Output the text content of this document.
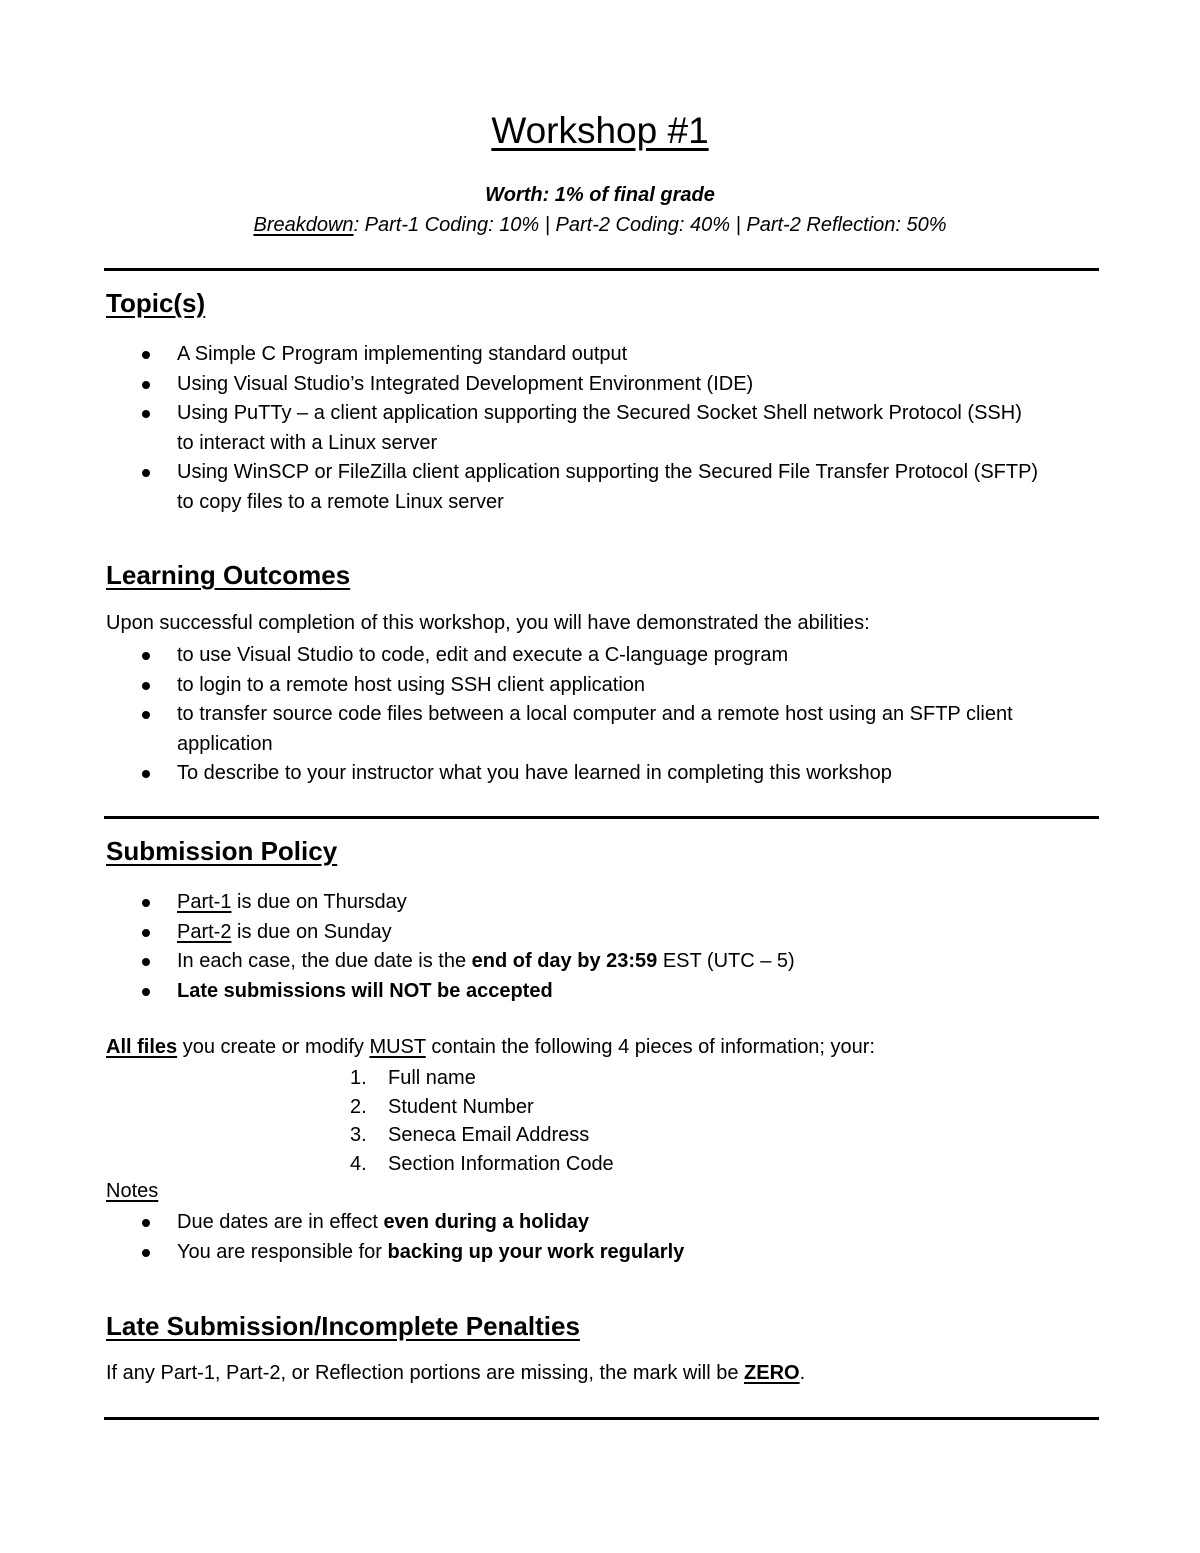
Workshop #1
Worth: 1% of final grade
Breakdown: Part-1 Coding: 10% | Part-2 Coding: 40% | Part-2 Reflection: 50%
Topic(s)
A Simple C Program implementing standard output
Using Visual Studio’s Integrated Development Environment (IDE)
Using PuTTy – a client application supporting the Secured Socket Shell network Protocol (SSH)
to interact with a Linux server
Using WinSCP or FileZilla client application supporting the Secured File Transfer Protocol (SFTP)
to copy files to a remote Linux server
Learning Outcomes
Upon successful completion of this workshop, you will have demonstrated the abilities:
to use Visual Studio to code, edit and execute a C-language program
to login to a remote host using SSH client application
to transfer source code files between a local computer and a remote host using an SFTP client
application
To describe to your instructor what you have learned in completing this workshop
Submission Policy
Part-1 is due on Thursday
Part-2 is due on Sunday
In each case, the due date is the end of day by 23:59 EST (UTC – 5)
Late submissions will NOT be accepted
All files you create or modify MUST contain the following 4 pieces of information; your:
1. Full name
2. Student Number
3. Seneca Email Address
4. Section Information Code
Notes
Due dates are in effect even during a holiday
You are responsible for backing up your work regularly
Late Submission/Incomplete Penalties
If any Part-1, Part-2, or Reflection portions are missing, the mark will be ZERO.
